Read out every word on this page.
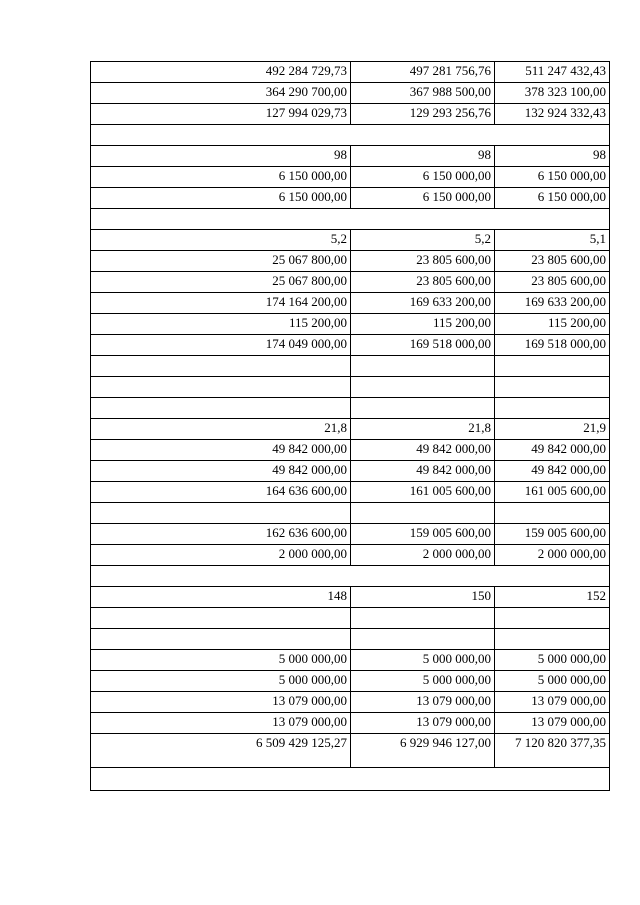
492 284 729,73	497 281 756,76	511 247 432,43
364 290 700,00	367 988 500,00	378 323 100,00
127 994 029,73	129 293 256,76	132 924 332,43

98	98	98
6 150 000,00	6 150 000,00	6 150 000,00
6 150 000,00	6 150 000,00	6 150 000,00

5,2	5,2	5,1
25 067 800,00	23 805 600,00	23 805 600,00
25 067 800,00	23 805 600,00	23 805 600,00
174 164 200,00	169 633 200,00	169 633 200,00
115 200,00	115 200,00	115 200,00
174 049 000,00	169 518 000,00	169 518 000,00

21,8	21,8	21,9
49 842 000,00	49 842 000,00	49 842 000,00
49 842 000,00	49 842 000,00	49 842 000,00
164 636 600,00	161 005 600,00	161 005 600,00

162 636 600,00	159 005 600,00	159 005 600,00
2 000 000,00	2 000 000,00	2 000 000,00

148	150	152

5 000 000,00	5 000 000,00	5 000 000,00
5 000 000,00	5 000 000,00	5 000 000,00
13 079 000,00	13 079 000,00	13 079 000,00
13 079 000,00	13 079 000,00	13 079 000,00
6 509 429 125,27	6 929 946 127,00	7 120 820 377,35
